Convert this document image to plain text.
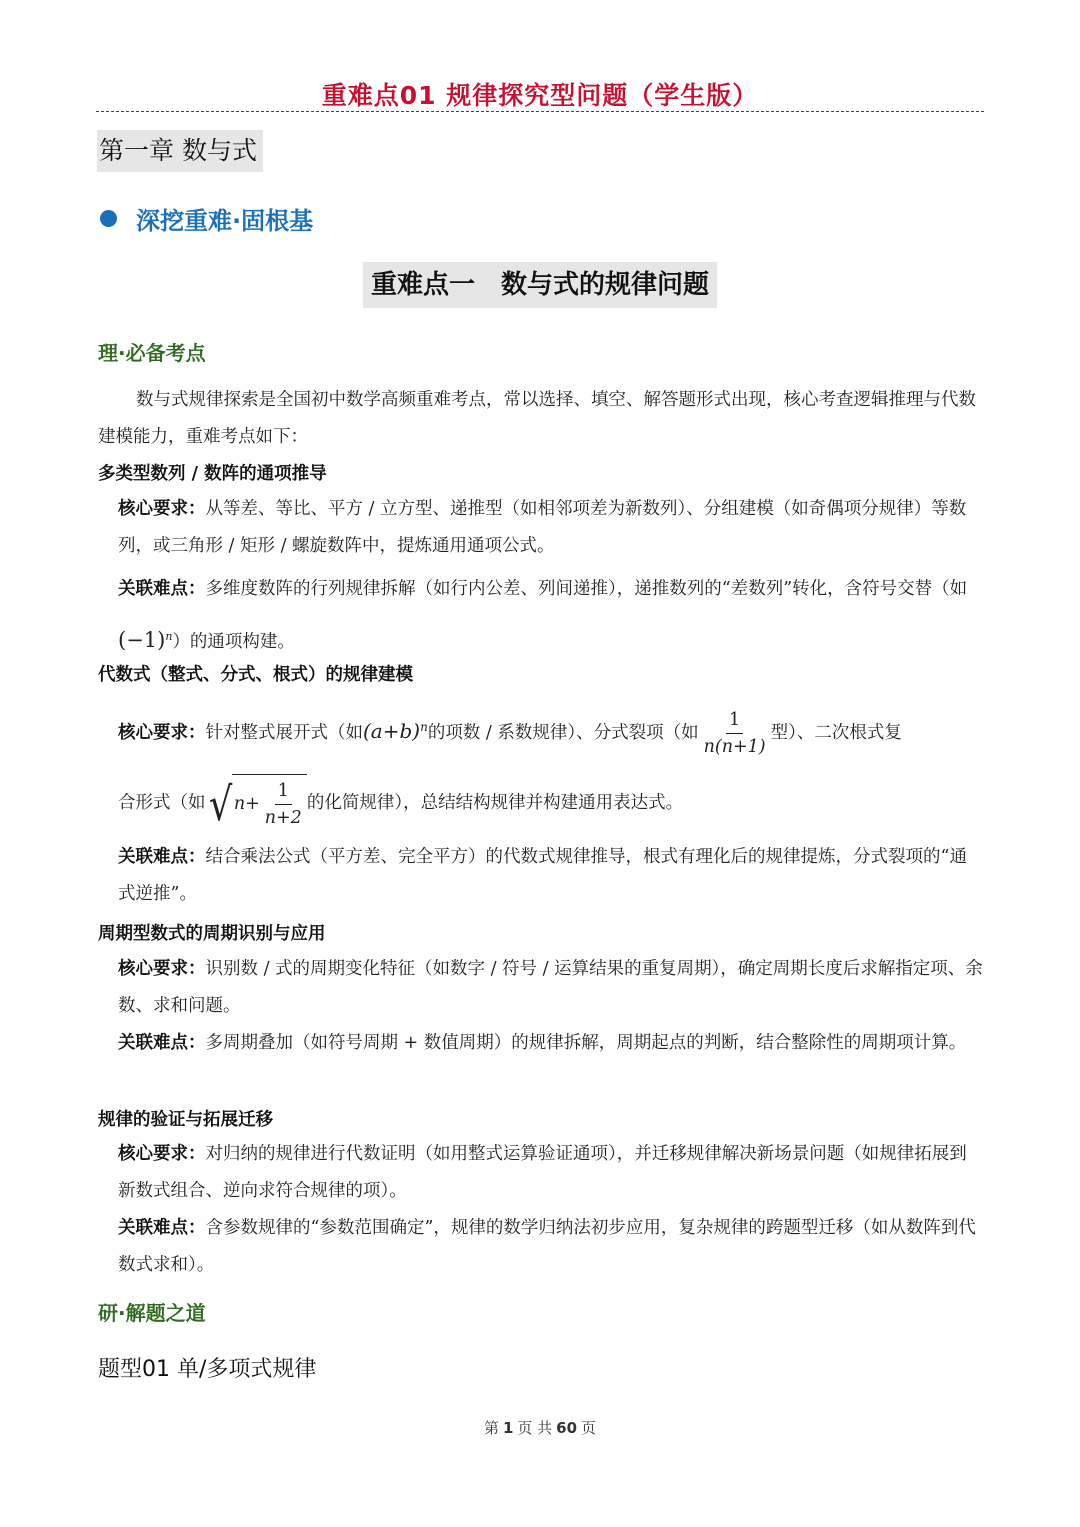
重难点01 规律探究型问题（学生版）
第一章 数与式
深挖重难·固根基
重难点一　数与式的规律问题
理·必备考点
数与式规律探索是全国初中数学高频重难考点，常以选择、填空、解答题形式出现，核心考查逻辑推理与代数建模能力，重难考点如下：
多类型数列 / 数阵的通项推导
核心要求：从等差、等比、平方 / 立方型、递推型（如相邻项差为新数列）、分组建模（如奇偶项分规律）等数列，或三角形 / 矩形 / 螺旋数阵中，提炼通用通项公式。
关联难点：多维度数阵的行列规律拆解（如行内公差、列间递推），递推数列的“差数列”转化，含符号交替（如$(-1)^n$）的通项构建。
代数式（整式、分式、根式）的规律建模
核心要求：针对整式展开式（如$(a+b)^n$的项数 / 系数规律）、分式裂项（如 $\frac{1}{n(n+1)}$ 型）、二次根式复
合形式（如 √ $n+ \frac{1}{n+2}$ 的化简规律），总结结构规律并构建通用表达式。
关联难点：结合乘法公式（平方差、完全平方）的代数式规律推导，根式有理化后的规律提炼，分式裂项的“通式逆推”。
周期型数式的周期识别与应用
核心要求：识别数 / 式的周期变化特征（如数字 / 符号 / 运算结果的重复周期），确定周期长度后求解指定项、余数、求和问题。
关联难点：多周期叠加（如符号周期 + 数值周期）的规律拆解，周期起点的判断，结合整除性的周期项计算。
规律的验证与拓展迁移
核心要求：对归纳的规律进行代数证明（如用整式运算验证通项），并迁移规律解决新场景问题（如规律拓展到新数式组合、逆向求符合规律的项）。
关联难点：含参数规律的“参数范围确定”，规律的数学归纳法初步应用，复杂规律的跨题型迁移（如从数阵到代数式求和）。
研·解题之道
题型01 单/多项式规律
第 1 页 共 60 页
